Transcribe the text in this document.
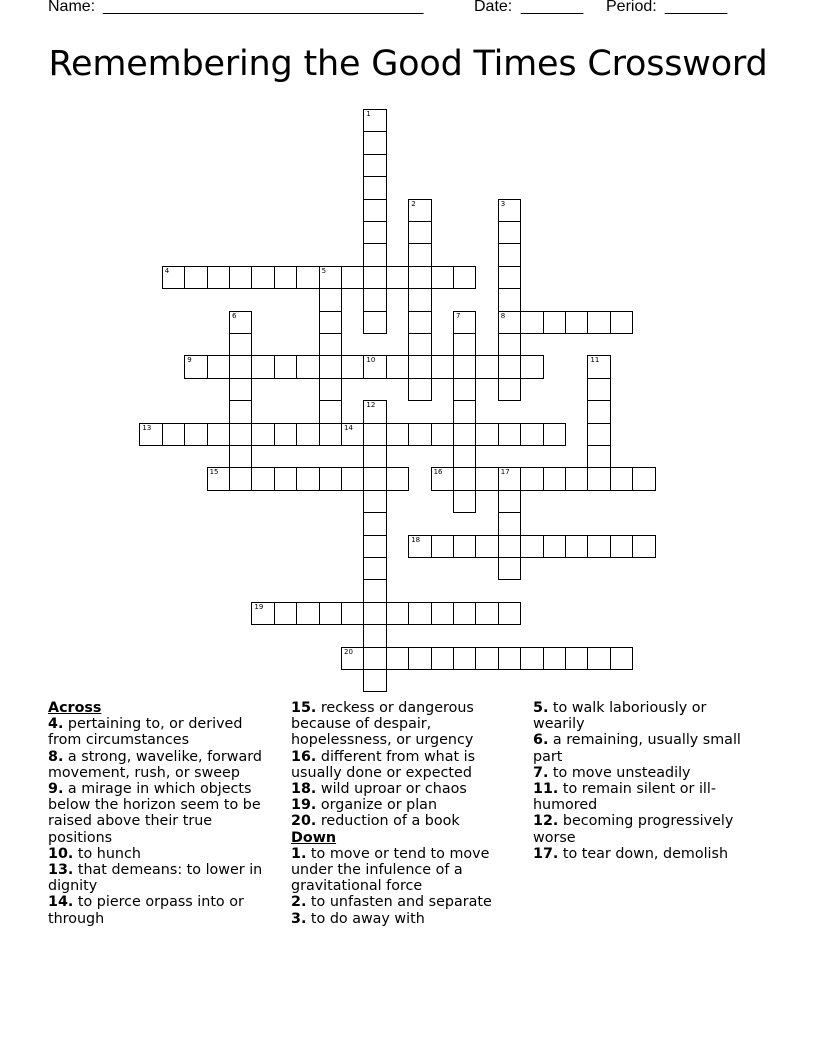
Name: ____________________________________	Date: _______ Period: _______
Remembering the Good Times Crossword
1
2	3
8
4	5
6	7
9	10	11
12
13	14
15	16	17
18
19
20
Across
4. pertaining to, or derived from circumstances
8. a strong, wavelike, forward movement, rush, or sweep
9. a mirage in which objects below the horizon seem to be raised above their true positions
10. to hunch
13. that demeans: to lower in dignity
14. to pierce orpass into or through
15. reckess or dangerous because of despair, hopelessness, or urgency
16. different from what is usually done or expected
18. wild uproar or chaos
19. organize or plan
20. reduction of a book
Down
1. to move or tend to move under the infulence of a gravitational force
2. to unfasten and separate
3. to do away with
5. to walk laboriously or wearily
6. a remaining, usually small part
7. to move unsteadily
11. to remain silent or ill-humored
12. becoming progressively worse
17. to tear down, demolish
